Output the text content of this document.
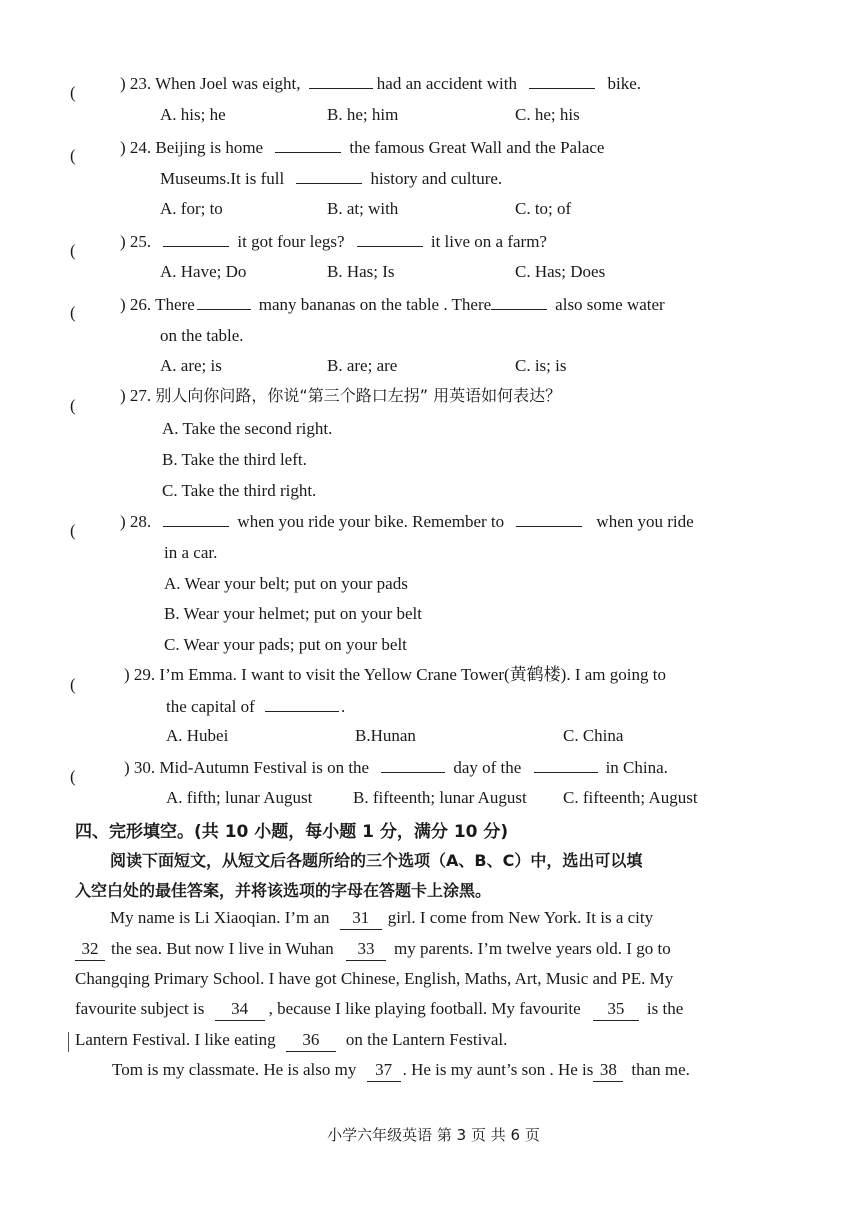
(	) 23. When Joel was eight,	had an accident with	bike.
A. his; he	B. he; him	C. he; his
(	) 24. Beijing is home	the famous Great Wall and the Palace
Museums.It is full	history and culture.
A. for; to	B. at; with	C. to; of
(	) 25.	it got four legs?	it live on a farm?
A. Have; Do	B. Has; Is	C. Has; Does
(	) 26. There	many bananas on the table . There	also some water
on the table.
A. are; is	B. are; are	C. is; is
(
) 27. 别人向你问路，你说“第三个路口左拐” 用英语如何表达？
A. Take the second right.
B. Take the third left.
C. Take the third right.
(	) 28.	when you ride your bike. Remember to	when you ride
in a car.
A. Wear your belt; put on your pads
B. Wear your helmet; put on your belt
C. Wear your pads; put on your belt
(
) 29. I’m Emma. I want to visit the Yellow Crane Tower(黄鹤楼). I am going to
the capital of	.
A. Hubei	B.Hunan	C. China
(	) 30. Mid-Autumn Festival is on the	day of the	in China.
A. fifth; lunar August B. fifteenth; lunar August C. fifteenth; August
四、完形填空。(共 10 小题，每小题 1 分，满分 10 分)
阅读下面短文，从短文后各题所给的三个选项（A、B、C）中，选出可以填
入空白处的最佳答案，并将该选项的字母在答题卡上涂黑。
My name is Li Xiaoqian. I’m an 31 girl. I come from New York. It is a city
32 the sea. But now I live in Wuhan 33 my parents. I’m twelve years old. I go to
Changqing Primary School. I have got Chinese, English, Maths, Art, Music and PE. My
favourite subject is 34 , because I like playing football. My favourite 35 is the
Lantern Festival. I like eating 36 on the Lantern Festival.
Tom is my classmate. He is also my 37 . He is my aunt’s son . He is 38 than me.
小学六年级英语 第 3 页 共 6 页
